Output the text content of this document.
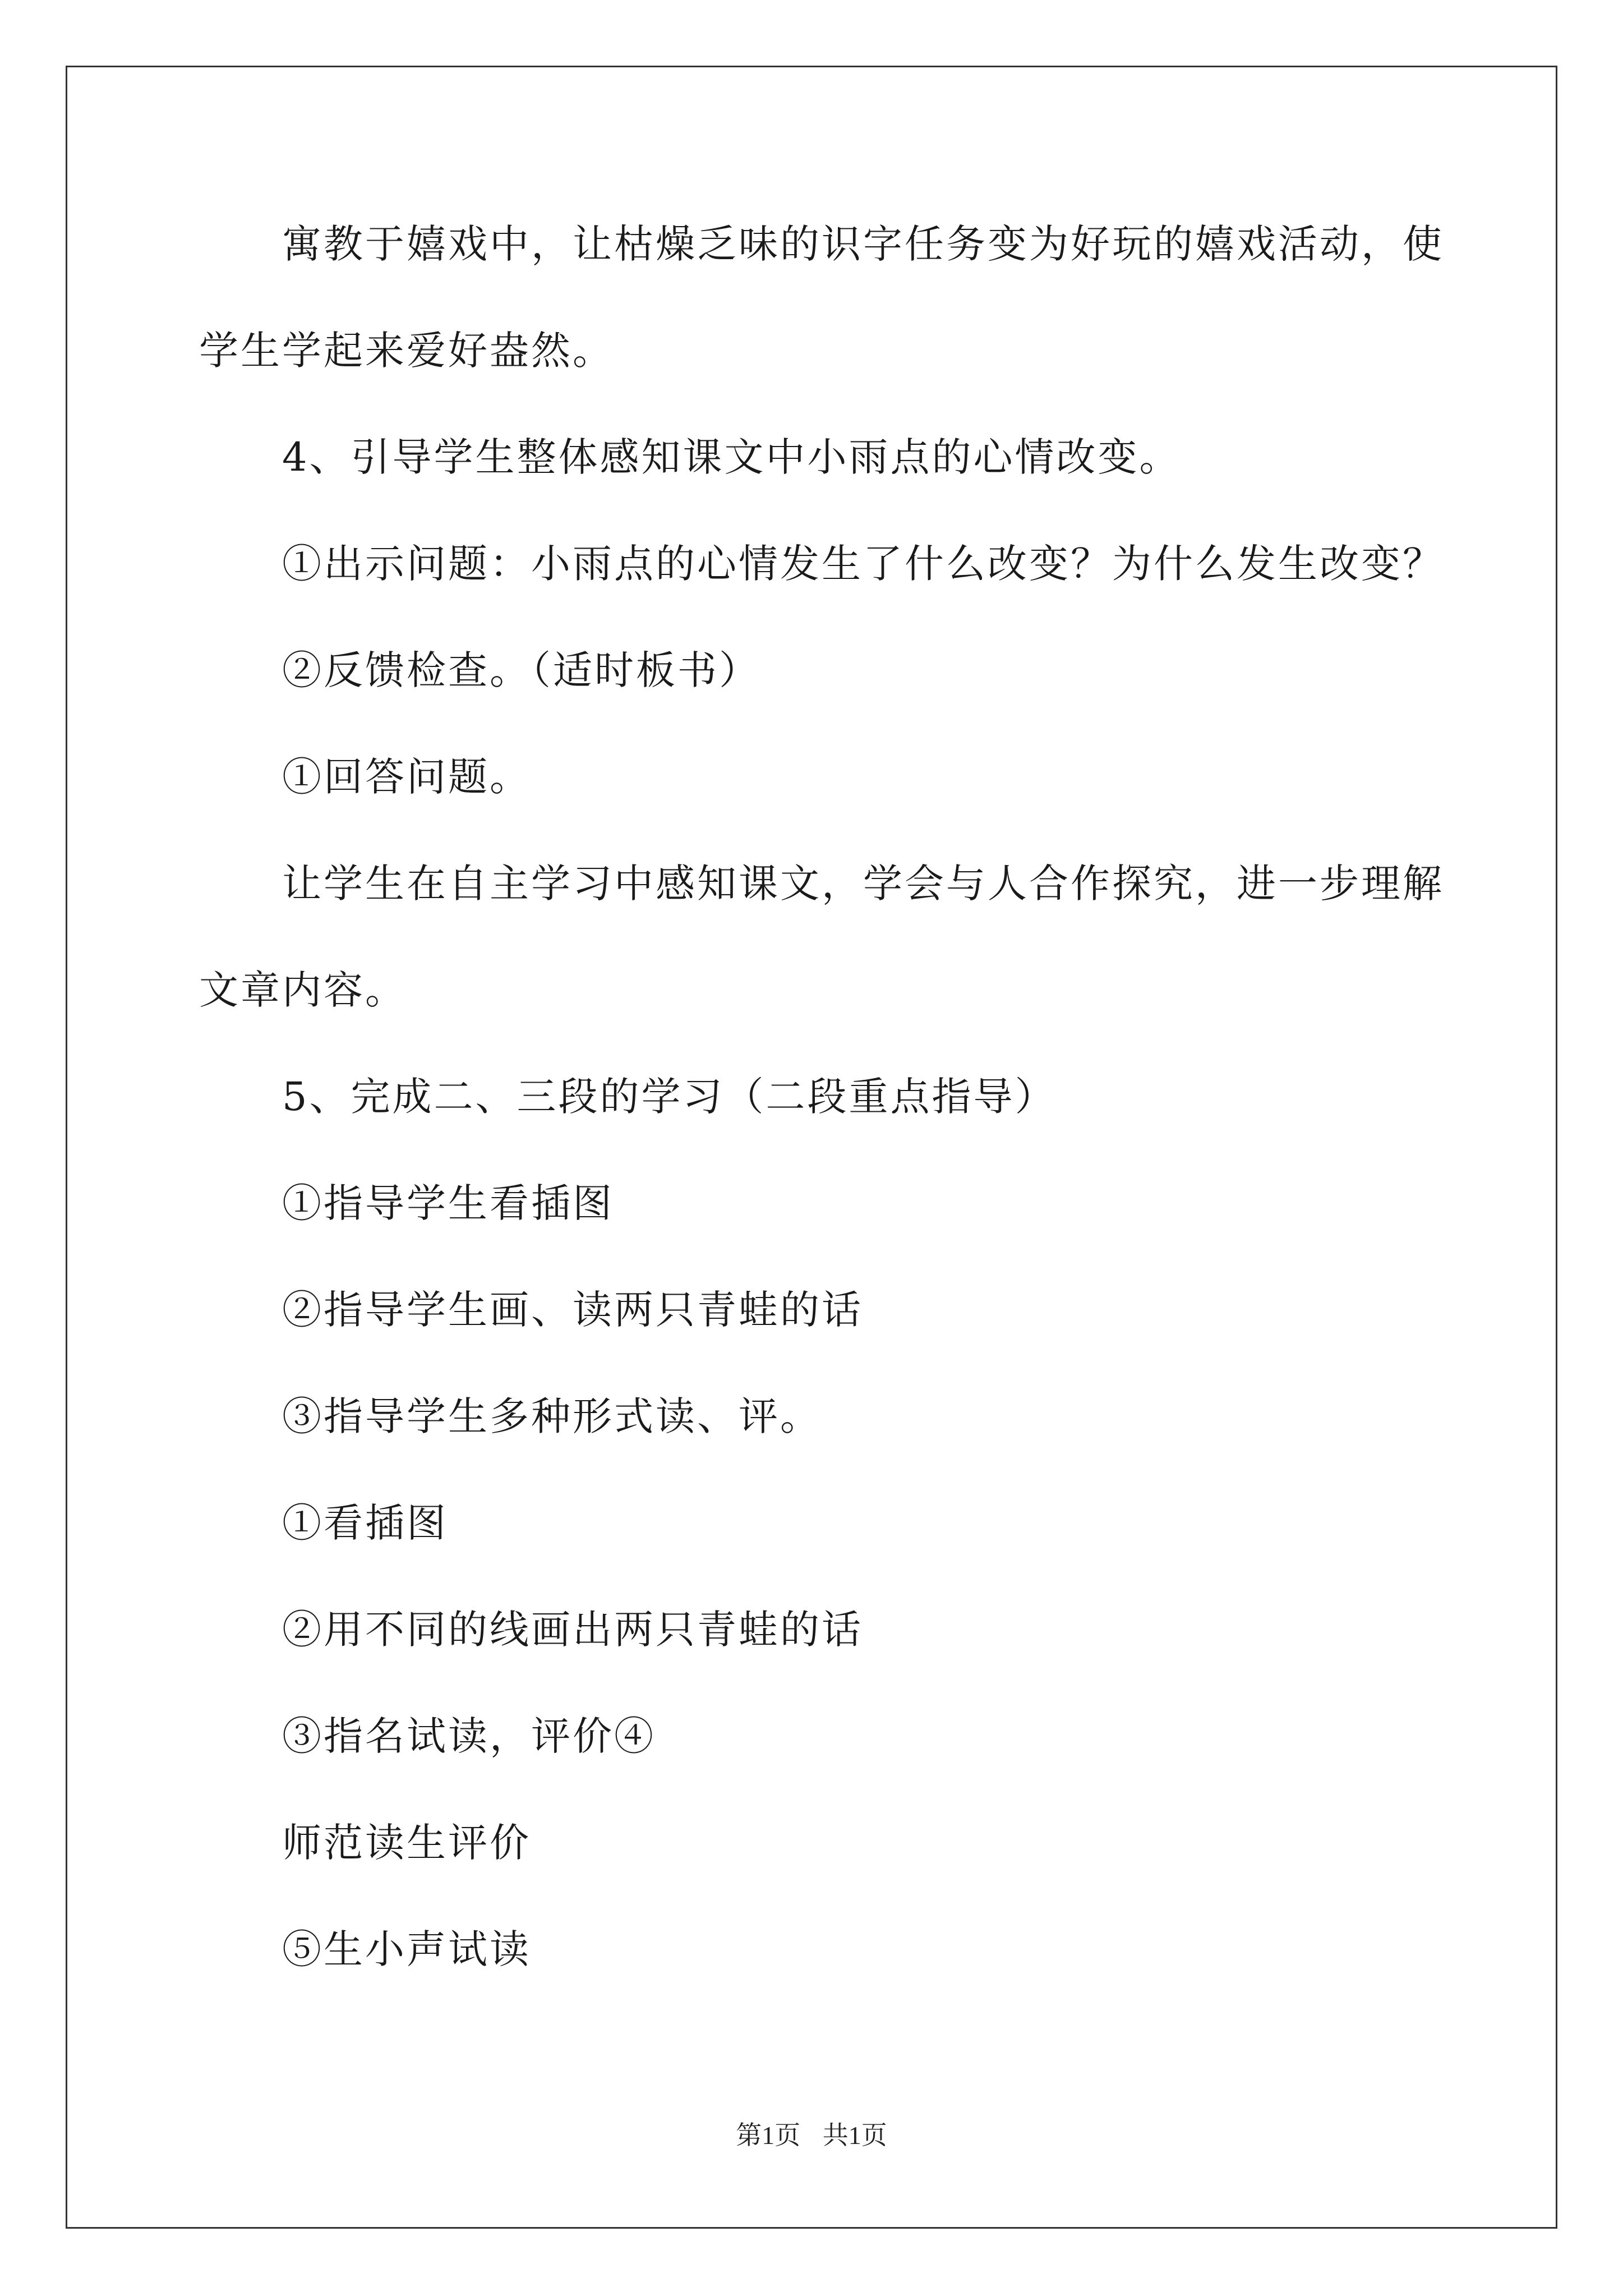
寓教于嬉戏中，让枯燥乏味的识字任务变为好玩的嬉戏活动，使
学生学起来爱好盎然。
4、引导学生整体感知课文中小雨点的心情改变。
①出示问题：小雨点的心情发生了什么改变？为什么发生改变？
②反馈检查。（适时板书）
①回答问题。
让学生在自主学习中感知课文，学会与人合作探究，进一步理解
文章内容。
5、完成二、三段的学习（二段重点指导）
①指导学生看插图
②指导学生画、读两只青蛙的话
③指导学生多种形式读、评。
①看插图
②用不同的线画出两只青蛙的话
③指名试读，评价④
师范读生评价
⑤生小声试读
第1页 共1页
